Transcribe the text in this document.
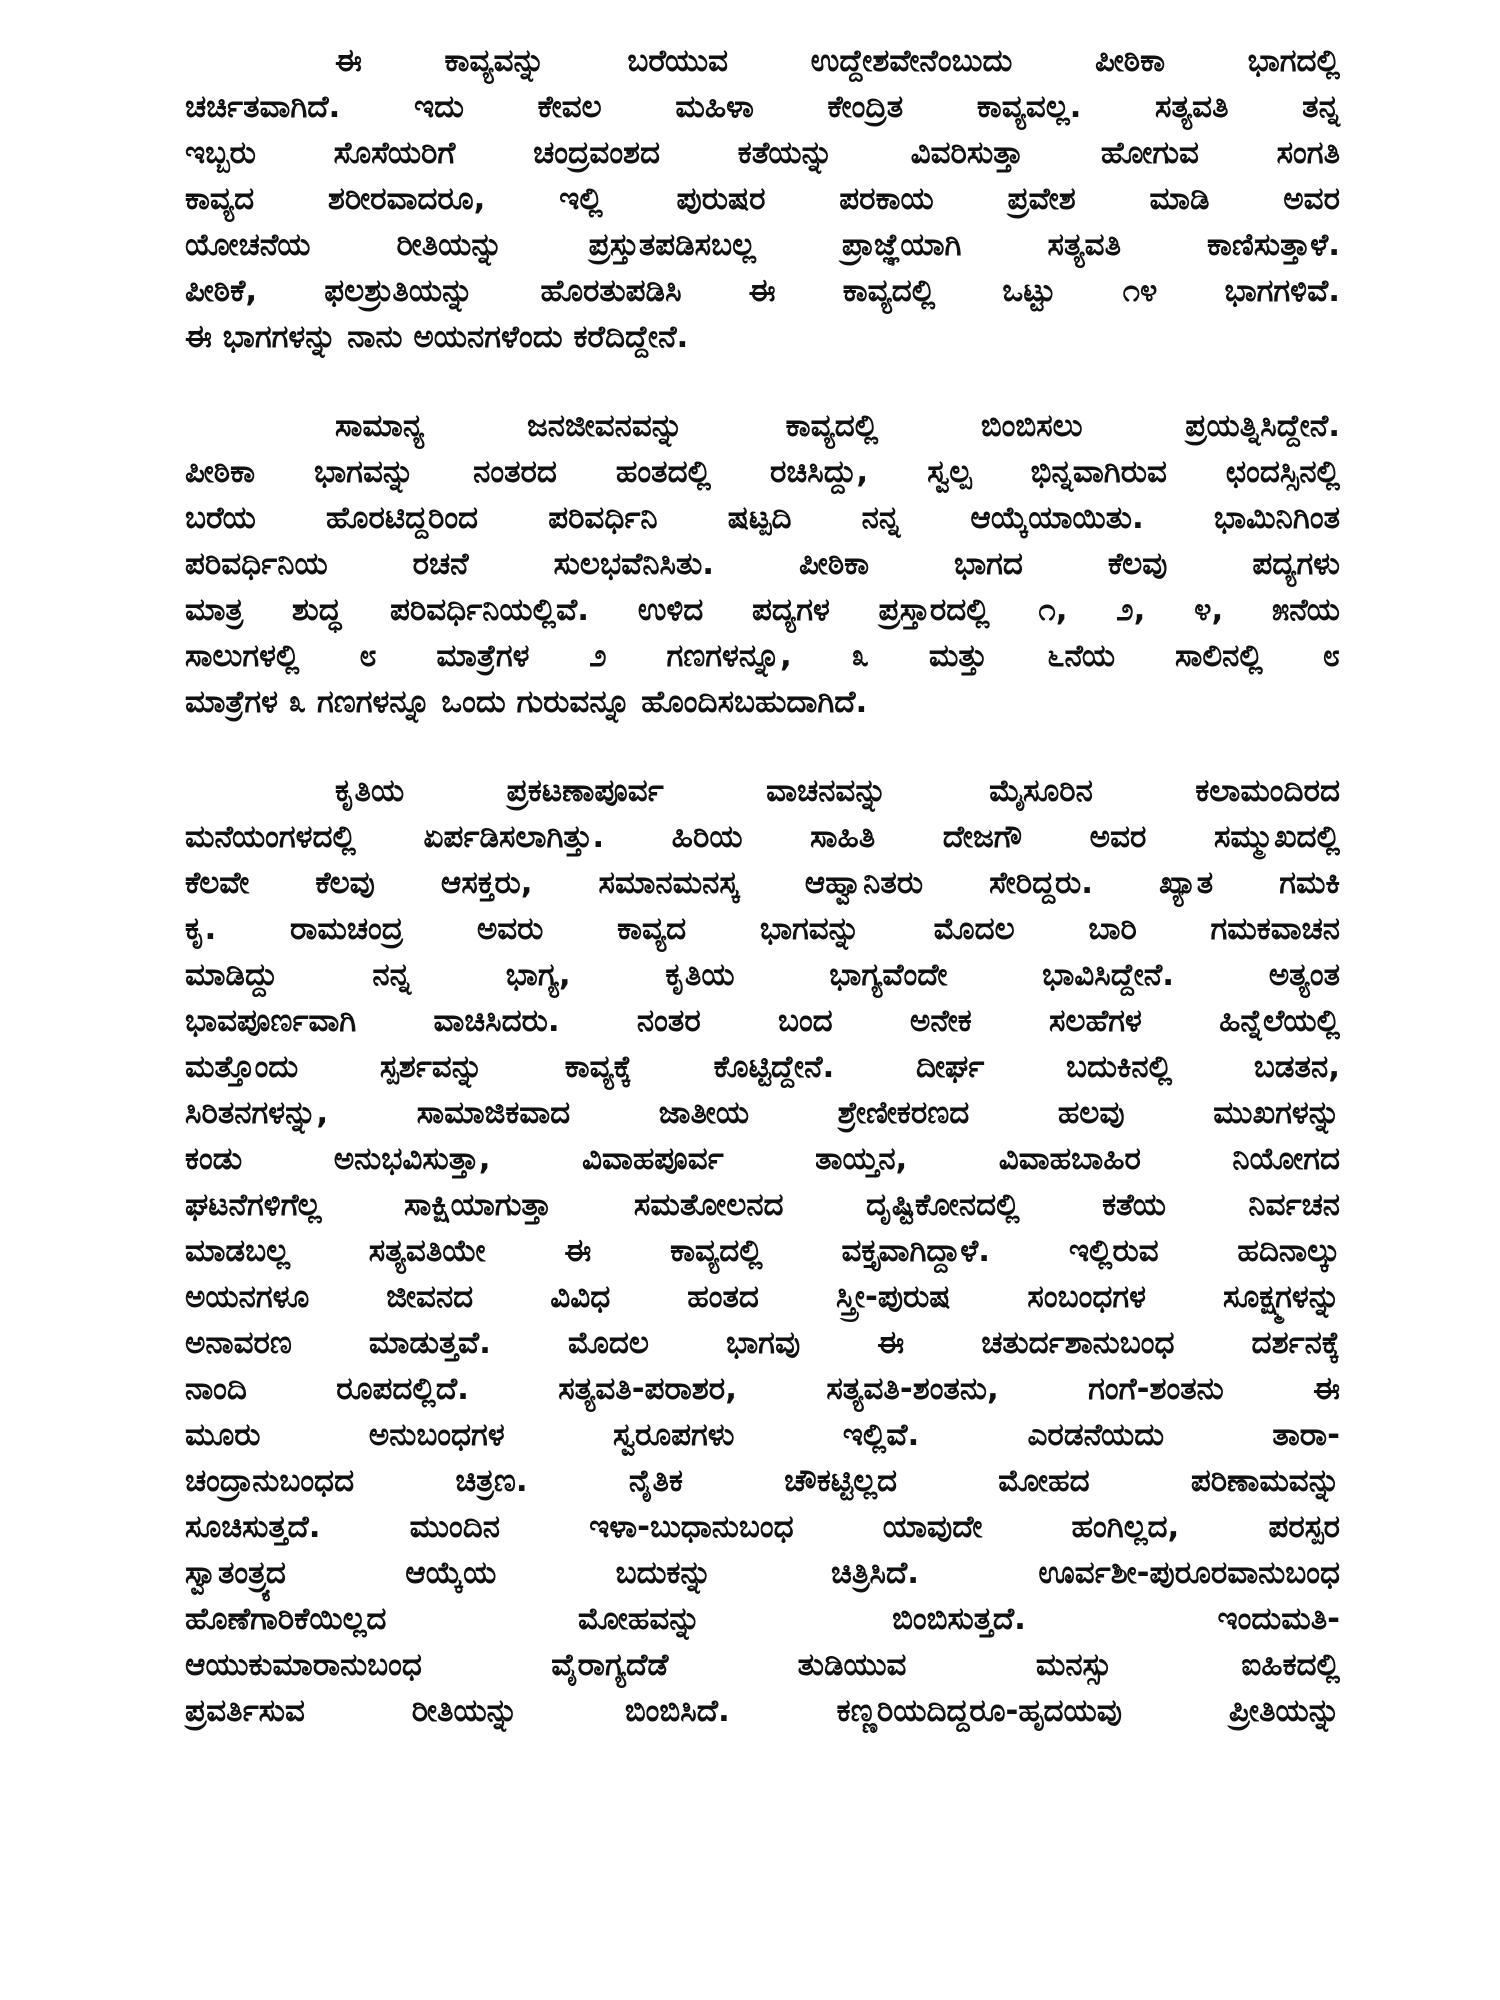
ಈ ಕಾವ್ಯವನ್ನು ಬರೆಯುವ ಉದ್ದೇಶವೇನೆಂಬುದು ಪೀಠಿಕಾ ಭಾಗದಲ್ಲಿ
ಚರ್ಚಿತವಾಗಿದೆ. ಇದು ಕೇವಲ ಮಹಿಳಾ ಕೇಂದ್ರಿತ ಕಾವ್ಯವಲ್ಲ. ಸತ್ಯವತಿ ತನ್ನ
ಇಬ್ಬರು ಸೊಸೆಯರಿಗೆ ಚಂದ್ರವಂಶದ ಕತೆಯನ್ನು ವಿವರಿಸುತ್ತಾ ಹೋಗುವ ಸಂಗತಿ
ಕಾವ್ಯದ ಶರೀರವಾದರೂ, ಇಲ್ಲಿ ಪುರುಷರ ಪರಕಾಯ ಪ್ರವೇಶ ಮಾಡಿ ಅವರ
ಯೋಚನೆಯ ರೀತಿಯನ್ನು ಪ್ರಸ್ತುತಪಡಿಸಬಲ್ಲ ಪ್ರಾಜ್ಞೆಯಾಗಿ ಸತ್ಯವತಿ ಕಾಣಿಸುತ್ತಾಳೆ.
ಪೀಠಿಕೆ, ಫಲಶ್ರುತಿಯನ್ನು ಹೊರತುಪಡಿಸಿ ಈ ಕಾವ್ಯದಲ್ಲಿ ಒಟ್ಟು ೧೪ ಭಾಗಗಳಿವೆ.
ಈ ಭಾಗಗಳನ್ನು ನಾನು ಅಯನಗಳೆಂದು ಕರೆದಿದ್ದೇನೆ.
ಸಾಮಾನ್ಯ ಜನಜೀವನವನ್ನು ಕಾವ್ಯದಲ್ಲಿ ಬಿಂಬಿಸಲು ಪ್ರಯತ್ನಿಸಿದ್ದೇನೆ.
ಪೀಠಿಕಾ ಭಾಗವನ್ನು ನಂತರದ ಹಂತದಲ್ಲಿ ರಚಿಸಿದ್ದು, ಸ್ವಲ್ಪ ಭಿನ್ನವಾಗಿರುವ ಛಂದಸ್ಸಿನಲ್ಲಿ
ಬರೆಯ ಹೊರಟಿದ್ದರಿಂದ ಪರಿವರ್ಧಿನಿ ಷಟ್ಪದಿ ನನ್ನ ಆಯ್ಕೆಯಾಯಿತು. ಭಾಮಿನಿಗಿಂತ
ಪರಿವರ್ಧಿನಿಯ ರಚನೆ ಸುಲಭವೆನಿಸಿತು. ಪೀಠಿಕಾ ಭಾಗದ ಕೆಲವು ಪದ್ಯಗಳು
ಮಾತ್ರ ಶುದ್ಧ ಪರಿವರ್ಧಿನಿಯಲ್ಲಿವೆ. ಉಳಿದ ಪದ್ಯಗಳ ಪ್ರಸ್ತಾರದಲ್ಲಿ ೧, ೨, ೪, ೫ನೆಯ
ಸಾಲುಗಳಲ್ಲಿ ೮ ಮಾತ್ರೆಗಳ ೨ ಗಣಗಳನ್ನೂ, ೩ ಮತ್ತು ೬ನೆಯ ಸಾಲಿನಲ್ಲಿ ೮
ಮಾತ್ರೆಗಳ ೩ ಗಣಗಳನ್ನೂ ಒಂದು ಗುರುವನ್ನೂ ಹೊಂದಿಸಬಹುದಾಗಿದೆ.
ಕೃತಿಯ ಪ್ರಕಟಣಾಪೂರ್ವ ವಾಚನವನ್ನು ಮೈಸೂರಿನ ಕಲಾಮಂದಿರದ
ಮನೆಯಂಗಳದಲ್ಲಿ ಏರ್ಪಡಿಸಲಾಗಿತ್ತು. ಹಿರಿಯ ಸಾಹಿತಿ ದೇಜಗೌ ಅವರ ಸಮ್ಮುಖದಲ್ಲಿ
ಕೆಲವೇ ಕೆಲವು ಆಸಕ್ತರು, ಸಮಾನಮನಸ್ಕ ಆಹ್ವಾನಿತರು ಸೇರಿದ್ದರು. ಖ್ಯಾತ ಗಮಕಿ
ಕೃ. ರಾಮಚಂದ್ರ ಅವರು ಕಾವ್ಯದ ಭಾಗವನ್ನು ಮೊದಲ ಬಾರಿ ಗಮಕವಾಚನ
ಮಾಡಿದ್ದು ನನ್ನ ಭಾಗ್ಯ, ಕೃತಿಯ ಭಾಗ್ಯವೆಂದೇ ಭಾವಿಸಿದ್ದೇನೆ. ಅತ್ಯಂತ
ಭಾವಪೂರ್ಣವಾಗಿ ವಾಚಿಸಿದರು. ನಂತರ ಬಂದ ಅನೇಕ ಸಲಹೆಗಳ ಹಿನ್ನೆಲೆಯಲ್ಲಿ
ಮತ್ತೊಂದು ಸ್ಪರ್ಶವನ್ನು ಕಾವ್ಯಕ್ಕೆ ಕೊಟ್ಟಿದ್ದೇನೆ. ದೀರ್ಘ ಬದುಕಿನಲ್ಲಿ ಬಡತನ,
ಸಿರಿತನಗಳನ್ನು, ಸಾಮಾಜಿಕವಾದ ಜಾತೀಯ ಶ್ರೇಣೀಕರಣದ ಹಲವು ಮುಖಗಳನ್ನು
ಕಂಡು ಅನುಭವಿಸುತ್ತಾ, ವಿವಾಹಪೂರ್ವ ತಾಯ್ತನ, ವಿವಾಹಬಾಹಿರ ನಿಯೋಗದ
ಘಟನೆಗಳಿಗೆಲ್ಲ ಸಾಕ್ಷಿಯಾಗುತ್ತಾ ಸಮತೋಲನದ ದೃಷ್ಟಿಕೋನದಲ್ಲಿ ಕತೆಯ ನಿರ್ವಚನ
ಮಾಡಬಲ್ಲ ಸತ್ಯವತಿಯೇ ಈ ಕಾವ್ಯದಲ್ಲಿ ವಕ್ತೃವಾಗಿದ್ದಾಳೆ. ಇಲ್ಲಿರುವ ಹದಿನಾಲ್ಕು
ಅಯನಗಳೂ ಜೀವನದ ವಿವಿಧ ಹಂತದ ಸ್ತ್ರೀ-ಪುರುಷ ಸಂಬಂಧಗಳ ಸೂಕ್ಷ್ಮಗಳನ್ನು
ಅನಾವರಣ ಮಾಡುತ್ತವೆ. ಮೊದಲ ಭಾಗವು ಈ ಚತುರ್ದಶಾನುಬಂಧ ದರ್ಶನಕ್ಕೆ
ನಾಂದಿ ರೂಪದಲ್ಲಿದೆ. ಸತ್ಯವತಿ-ಪರಾಶರ, ಸತ್ಯವತಿ-ಶಂತನು, ಗಂಗೆ-ಶಂತನು ಈ
ಮೂರು ಅನುಬಂಧಗಳ ಸ್ವರೂಪಗಳು ಇಲ್ಲಿವೆ. ಎರಡನೆಯದು ತಾರಾ-
ಚಂದ್ರಾನುಬಂಧದ ಚಿತ್ರಣ. ನೈತಿಕ ಚೌಕಟ್ಟಿಲ್ಲದ ಮೋಹದ ಪರಿಣಾಮವನ್ನು
ಸೂಚಿಸುತ್ತದೆ. ಮುಂದಿನ ಇಳಾ-ಬುಧಾನುಬಂಧ ಯಾವುದೇ ಹಂಗಿಲ್ಲದ, ಪರಸ್ಪರ
ಸ್ವಾತಂತ್ರ್ಯದ ಆಯ್ಕೆಯ ಬದುಕನ್ನು ಚಿತ್ರಿಸಿದೆ. ಊರ್ವಶೀ-ಪುರೂರವಾನುಬಂಧ
ಹೊಣೆಗಾರಿಕೆಯಿಲ್ಲದ ಮೋಹವನ್ನು ಬಿಂಬಿಸುತ್ತದೆ. ಇಂದುಮತಿ-
ಆಯುಕುಮಾರಾನುಬಂಧ ವೈರಾಗ್ಯದೆಡೆ ತುಡಿಯುವ ಮನಸ್ಸು ಐಹಿಕದಲ್ಲಿ
ಪ್ರವರ್ತಿಸುವ ರೀತಿಯನ್ನು ಬಿಂಬಿಸಿದೆ. ಕಣ್ಣರಿಯದಿದ್ದರೂ-ಹೃದಯವು ಪ್ರೀತಿಯನ್ನು
